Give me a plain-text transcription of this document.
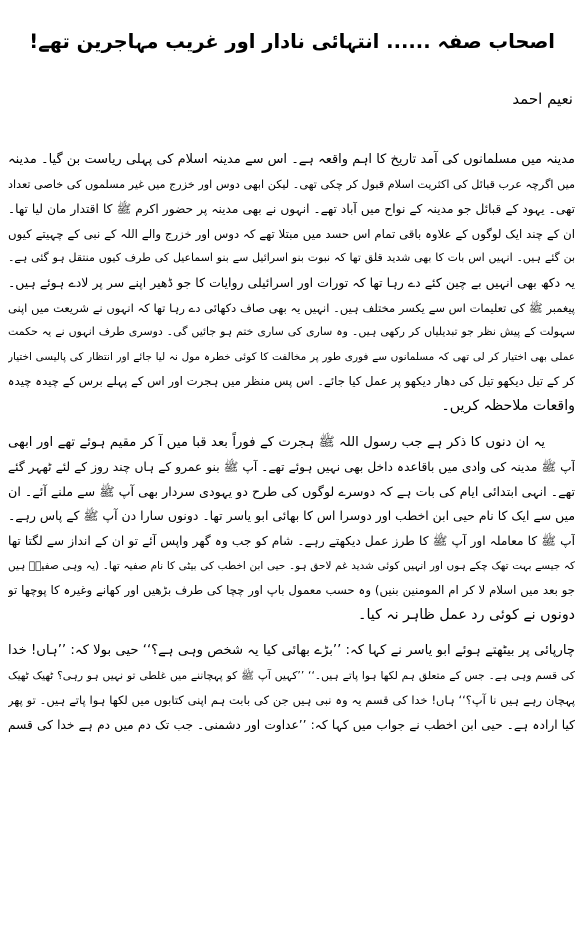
اصحاب صفہ ...... انتہائی نادار اور غریب مہاجرین تھے!
نعیم احمد
مدینہ میں مسلمانوں کی آمد تاریخ کا اہم واقعہ ہے۔ اس سے مدینہ اسلام کی پہلی ریاست بن گیا۔ مدینہ
میں اگرچہ عرب قبائل کی اکثریت اسلام قبول کر چکی تھی۔ لیکن ابھی دوس اور خزرج میں غیر مسلموں کی خاصی تعداد
تھی۔ یہود کے قبائل جو مدینہ کے نواح میں آباد تھے۔ انہوں نے بھی مدینہ پر حضور اکرم ﷺ کا اقتدار مان لیا تھا۔
ان کے چند ایک لوگوں کے علاوہ باقی تمام اس حسد میں مبتلا تھے کہ دوس اور خزرج والے اللہ کے نبی کے چہیتے کیوں
بن گئے ہیں۔ انہیں اس بات کا بھی شدید قلق تھا کہ نبوت بنو اسرائیل سے بنو اسماعیل کی طرف کیوں منتقل ہو گئی ہے۔
یہ دکھ بھی انہیں بے چین کئے دے رہا تھا کہ تورات اور اسرائیلی روایات کا جو ڈھیر اپنے سر پر لادے ہوئے ہیں۔
پیغمبر ﷺ کی تعلیمات اس سے یکسر مختلف ہیں۔ انہیں یہ بھی صاف دکھائی دے رہا تھا کہ انہوں نے شریعت میں اپنی
سہولت کے پیش نظر جو تبدیلیاں کر رکھی ہیں۔ وہ ساری کی ساری ختم ہو جائیں گی۔ دوسری طرف انہوں نے یہ حکمت
عملی بھی اختیار کر لی تھی کہ مسلمانوں سے فوری طور پر مخالفت کا کوئی خطرہ مول نہ لیا جائے اور انتظار کی پالیسی اختیار
کر کے تیل دیکھو تیل کی دھار دیکھو پر عمل کیا جائے۔ اس پس منظر میں ہجرت اور اس کے پہلے برس کے چیدہ چیدہ
واقعات ملاحظہ کریں۔
یہ ان دنوں کا ذکر ہے جب رسول اللہ ﷺ ہجرت کے فوراً بعد قبا میں آ کر مقیم ہوئے تھے اور ابھی
آپ ﷺ مدینہ کی وادی میں باقاعدہ داخل بھی نہیں ہوئے تھے۔ آپ ﷺ بنو عمرو کے ہاں چند روز کے لئے ٹھہر گئے
تھے۔ انہی ابتدائی ایام کی بات ہے کہ دوسرے لوگوں کی طرح دو یہودی سردار بھی آپ ﷺ سے ملنے آئے۔ ان
میں سے ایک کا نام حیی ابن اخطب اور دوسرا اس کا بھائی ابو یاسر تھا۔ دونوں سارا دن آپ ﷺ کے پاس رہے۔
آپ ﷺ کا معاملہ اور آپ ﷺ کا طرز عمل دیکھتے رہے۔ شام کو جب وہ گھر واپس آئے تو ان کے انداز سے لگتا تھا
کہ جیسے بہت تھک چکے ہوں اور انہیں کوئی شدید غم لاحق ہو۔ حیی ابن اخطب کی بیٹی کا نام صفیہ تھا۔ (یہ وہی صفیہؓ ہیں
جو بعد میں اسلام لا کر ام المومنین بنیں) وہ حسب معمول باپ اور چچا کی طرف بڑھیں اور کھانے وغیرہ کا پوچھا تو
دونوں نے کوئی رد عمل ظاہر نہ کیا۔
چارپائی پر بیٹھتے ہوئے ابو یاسر نے کہا کہ: ’’بڑے بھائی کیا یہ شخص وہی ہے؟‘‘ حیی بولا کہ: ’’ہاں! خدا
کی قسم وہی ہے۔ جس کے متعلق ہم لکھا ہوا پاتے ہیں۔‘‘ ’’کہیں آپ ﷺ کو پہچاننے میں غلطی تو نہیں ہو رہی؟ ٹھیک ٹھیک
پہچان رہے ہیں نا آپ؟‘‘ ہاں! خدا کی قسم یہ وہ نبی ہیں جن کی بابت ہم اپنی کتابوں میں لکھا ہوا پاتے ہیں۔ تو پھر
کیا ارادہ ہے۔ حیی ابن اخطب نے جواب میں کہا کہ: ’’عداوت اور دشمنی۔ جب تک دم میں دم ہے خدا کی قسم
